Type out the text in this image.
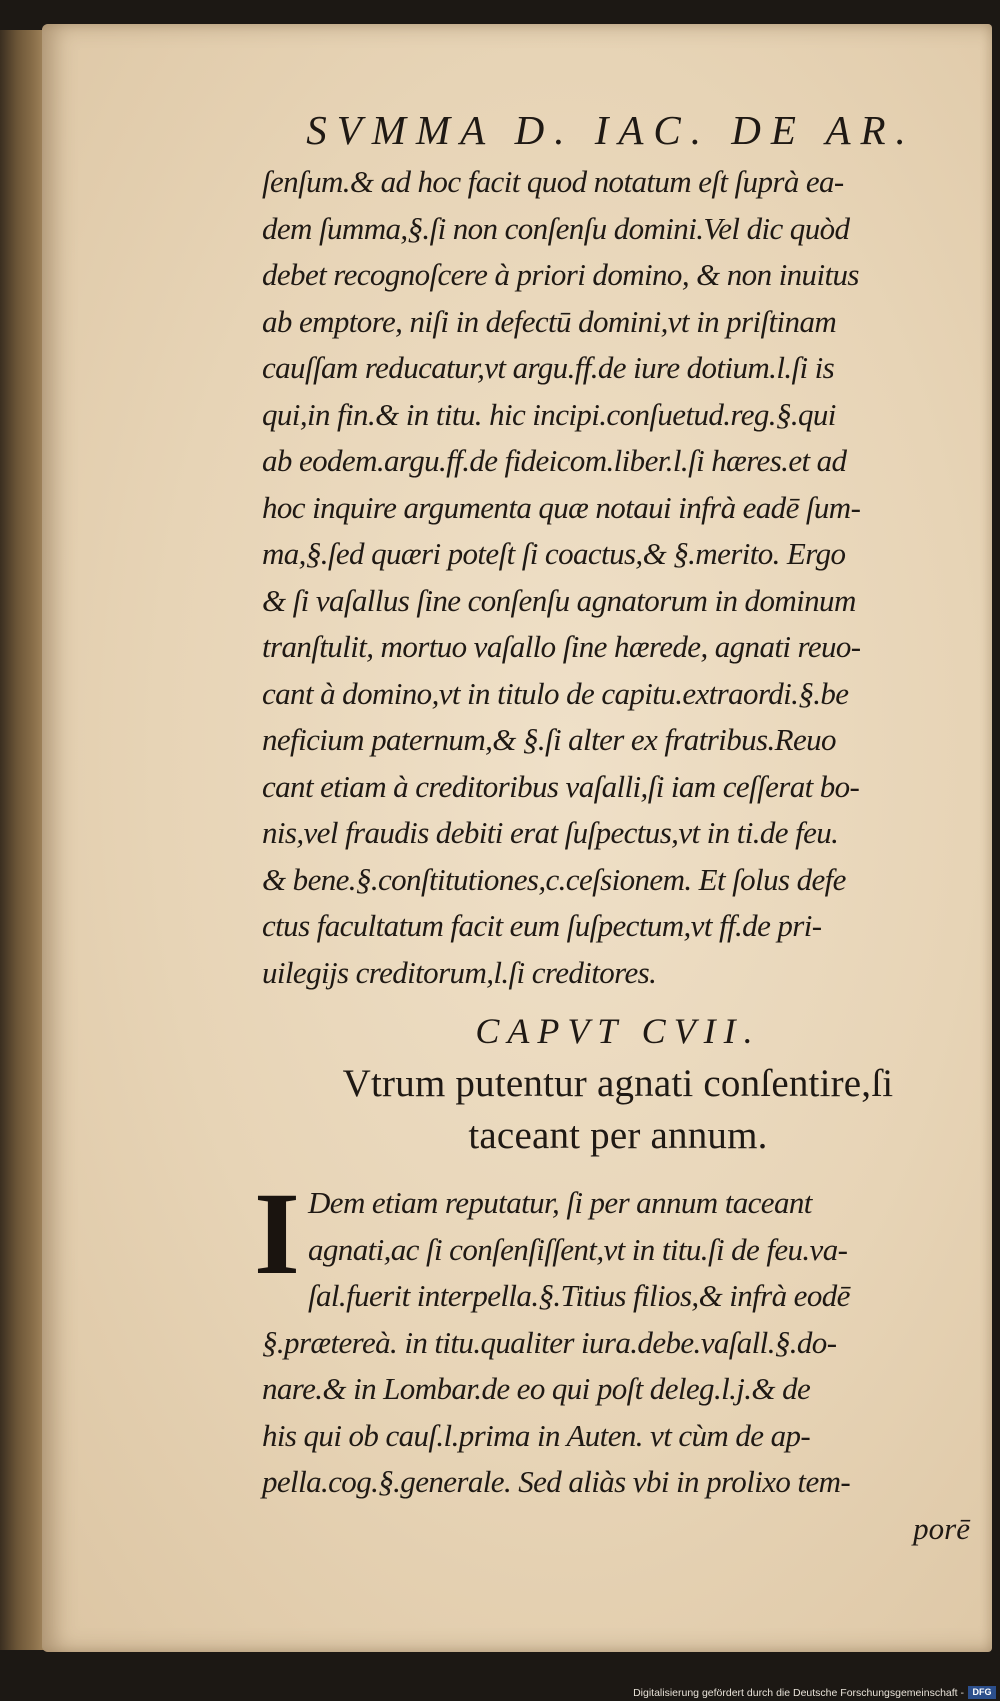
SVMMA D. IAC. DE AR.
ſenſum.& ad hoc facit quod notatum eſt ſuprà ea-
dem ſumma,§.ſi non conſenſu domini.Vel dic quòd
debet recognoſcere à priori domino, & non inuitus
ab emptore, niſi in defectū domini,vt in priſtinam
cauſſam reducatur,vt argu.ff.de iure dotium.l.ſi is
qui,in fin.& in titu. hic incipi.conſuetud.reg.§.qui
ab eodem.argu.ff.de fideicom.liber.l.ſi hæres.et ad
hoc inquire argumenta quæ notaui infrà eadē ſum-
ma,§.ſed quæri poteſt ſi coactus,& §.merito. Ergo
& ſi vaſallus ſine conſenſu agnatorum in dominum
tranſtulit, mortuo vaſallo ſine hærede, agnati reuo-
cant à domino,vt in titulo de capitu.extraordi.§.be
neficium paternum,& §.ſi alter ex fratribus.Reuo
cant etiam à creditoribus vaſalli,ſi iam ceſſerat bo-
nis,vel fraudis debiti erat ſuſpectus,vt in ti.de feu.
& bene.§.conſtitutiones,c.ceſsionem. Et ſolus defe
ctus facultatum facit eum ſuſpectum,vt ff.de pri-
uilegijs creditorum,l.ſi creditores.
CAPVT CVII.
Vtrum putentur agnati conſentire,ſi
taceant per annum.
I Dem etiam reputatur, ſi per annum taceant
agnati,ac ſi conſenſiſſent,vt in titu.ſi de feu.va-
ſal.fuerit interpella.§.Titius filios,& infrà eodē
§.prætereà. in titu.qualiter iura.debe.vaſall.§.do-
nare.& in Lombar.de eo qui poſt deleg.l.j.& de
his qui ob cauſ.l.prima in Auten. vt cùm de ap-
pella.cog.§.generale. Sed aliàs vbi in prolixo tem-
porē
Digitalisierung gefördert durch die Deutsche Forschungsgemeinschaft - DFG
